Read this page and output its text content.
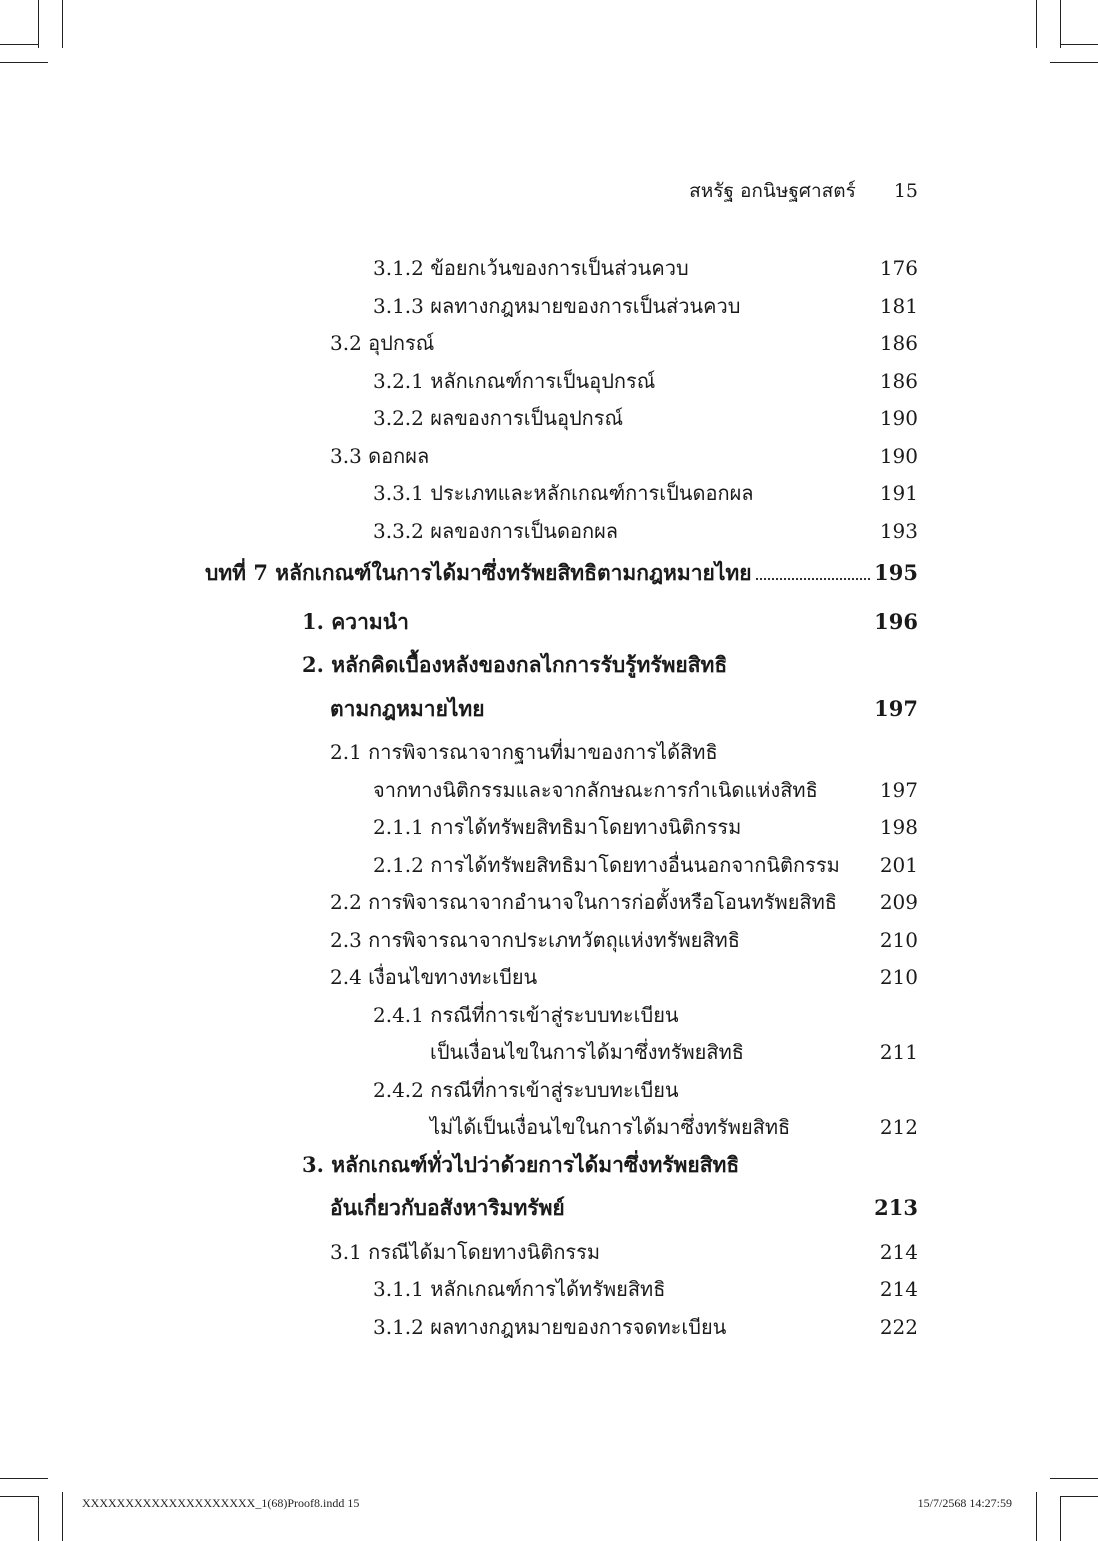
สหรัฐ อกนิษฐศาสตร์ 15
3.1.2 ข้อยกเว้นของการเป็นส่วนควบ	176
3.1.3 ผลทางกฎหมายของการเป็นส่วนควบ	181
3.2 อุปกรณ์	186
3.2.1 หลักเกณฑ์การเป็นอุปกรณ์	186
3.2.2 ผลของการเป็นอุปกรณ์	190
3.3 ดอกผล	190
3.3.1 ประเภทและหลักเกณฑ์การเป็นดอกผล	191
3.3.2 ผลของการเป็นดอกผล	193
บทที่ 7 หลักเกณฑ์ในการได้มาซึ่งทรัพยสิทธิตามกฎหมายไทย	195
1. ความนำ	196
2. หลักคิดเบื้องหลังของกลไกการรับรู้ทรัพยสิทธิ
ตามกฎหมายไทย	197
2.1 การพิจารณาจากฐานที่มาของการได้สิทธิ
จากทางนิติกรรมและจากลักษณะการกำเนิดแห่งสิทธิ	197
2.1.1 การได้ทรัพยสิทธิมาโดยทางนิติกรรม	198
2.1.2 การได้ทรัพยสิทธิมาโดยทางอื่นนอกจากนิติกรรม 201
2.2 การพิจารณาจากอำนาจในการก่อตั้งหรือโอนทรัพยสิทธิ 209
2.3 การพิจารณาจากประเภทวัตถุแห่งทรัพยสิทธิ	210
2.4 เงื่อนไขทางทะเบียน	210
2.4.1 กรณีที่การเข้าสู่ระบบทะเบียน
เป็นเงื่อนไขในการได้มาซึ่งทรัพยสิทธิ	211
2.4.2 กรณีที่การเข้าสู่ระบบทะเบียน
ไม่ได้เป็นเงื่อนไขในการได้มาซึ่งทรัพยสิทธิ	212
3. หลักเกณฑ์ทั่วไปว่าด้วยการได้มาซึ่งทรัพยสิทธิ
อันเกี่ยวกับอสังหาริมทรัพย์	213
3.1 กรณีได้มาโดยทางนิติกรรม	214
3.1.1 หลักเกณฑ์การได้ทรัพยสิทธิ	214
3.1.2 ผลทางกฎหมายของการจดทะเบียน	222
XXXXXXXXXXXXXXXXXXXX_1(68)Proof8.indd 15	15/7/2568 14:27:59
